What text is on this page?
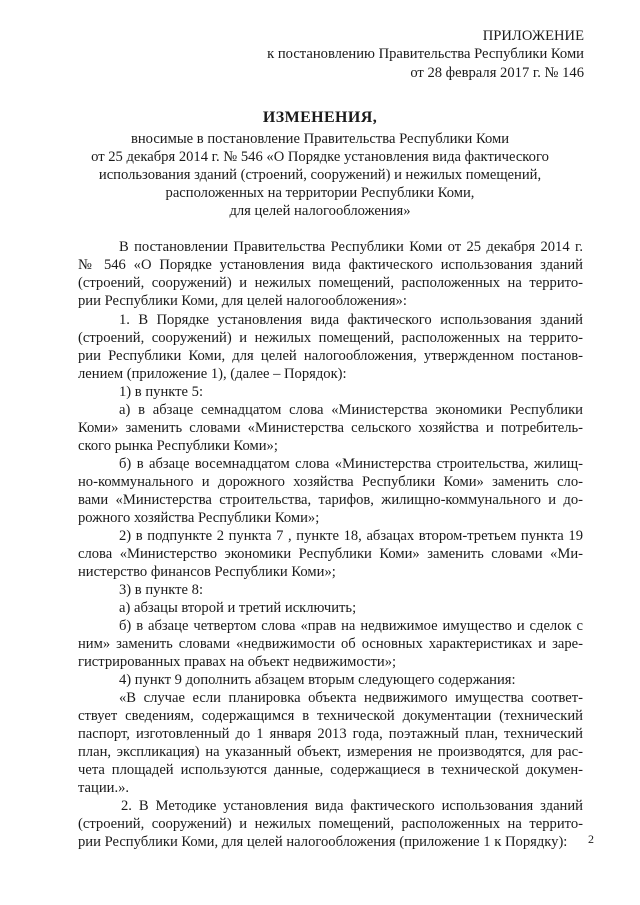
ПРИЛОЖЕНИЕ
к постановлению Правительства Республики Коми
от 28 февраля 2017 г. № 146
ИЗМЕНЕНИЯ,
вносимые в постановление Правительства Республики Коми
от 25 декабря 2014 г. № 546 «О Порядке установления вида фактического
использования зданий (строений, сооружений) и нежилых помещений,
расположенных на территории Республики Коми,
для целей налогообложения»
В постановлении Правительства Республики Коми от 25 декабря 2014 г.
№ 546 «О Порядке установления вида фактического использования зданий
(строений, сооружений) и нежилых помещений, расположенных на террито-
рии Республики Коми, для целей налогообложения»:
1. В Порядке установления вида фактического использования зданий
(строений, сооружений) и нежилых помещений, расположенных на террито-
рии Республики Коми, для целей налогообложения, утвержденном постанов-
лением (приложение 1), (далее – Порядок):
1) в пункте 5:
а) в абзаце семнадцатом слова «Министерства экономики Республики
Коми» заменить словами «Министерства сельского хозяйства и потребитель-
ского рынка Республики Коми»;
б) в абзаце восемнадцатом слова «Министерства строительства, жилищ-
но-коммунального и дорожного хозяйства Республики Коми» заменить сло-
вами «Министерства строительства, тарифов, жилищно-коммунального и до-
рожного хозяйства Республики Коми»;
2) в подпункте 2 пункта 7 , пункте 18, абзацах втором-третьем пункта 19
слова «Министерство экономики Республики Коми» заменить словами «Ми-
нистерство финансов Республики Коми»;
3) в пункте 8:
а) абзацы второй и третий исключить;
б) в абзаце четвертом слова «прав на недвижимое имущество и сделок с
ним» заменить словами «недвижимости об основных характеристиках и заре-
гистрированных правах на объект недвижимости»;
4) пункт 9 дополнить абзацем вторым следующего содержания:
«В случае если планировка объекта недвижимого имущества соответ-
ствует сведениям, содержащимся в технической документации (технический
паспорт, изготовленный до 1 января 2013 года, поэтажный план, технический
план, экспликация) на указанный объект, измерения не производятся, для рас-
чета площадей используются данные, содержащиеся в технической докумен-
тации.».
2. В Методике установления вида фактического использования зданий
(строений, сооружений) и нежилых помещений, расположенных на террито-
рии Республики Коми, для целей налогообложения (приложение 1 к Порядку):	2
